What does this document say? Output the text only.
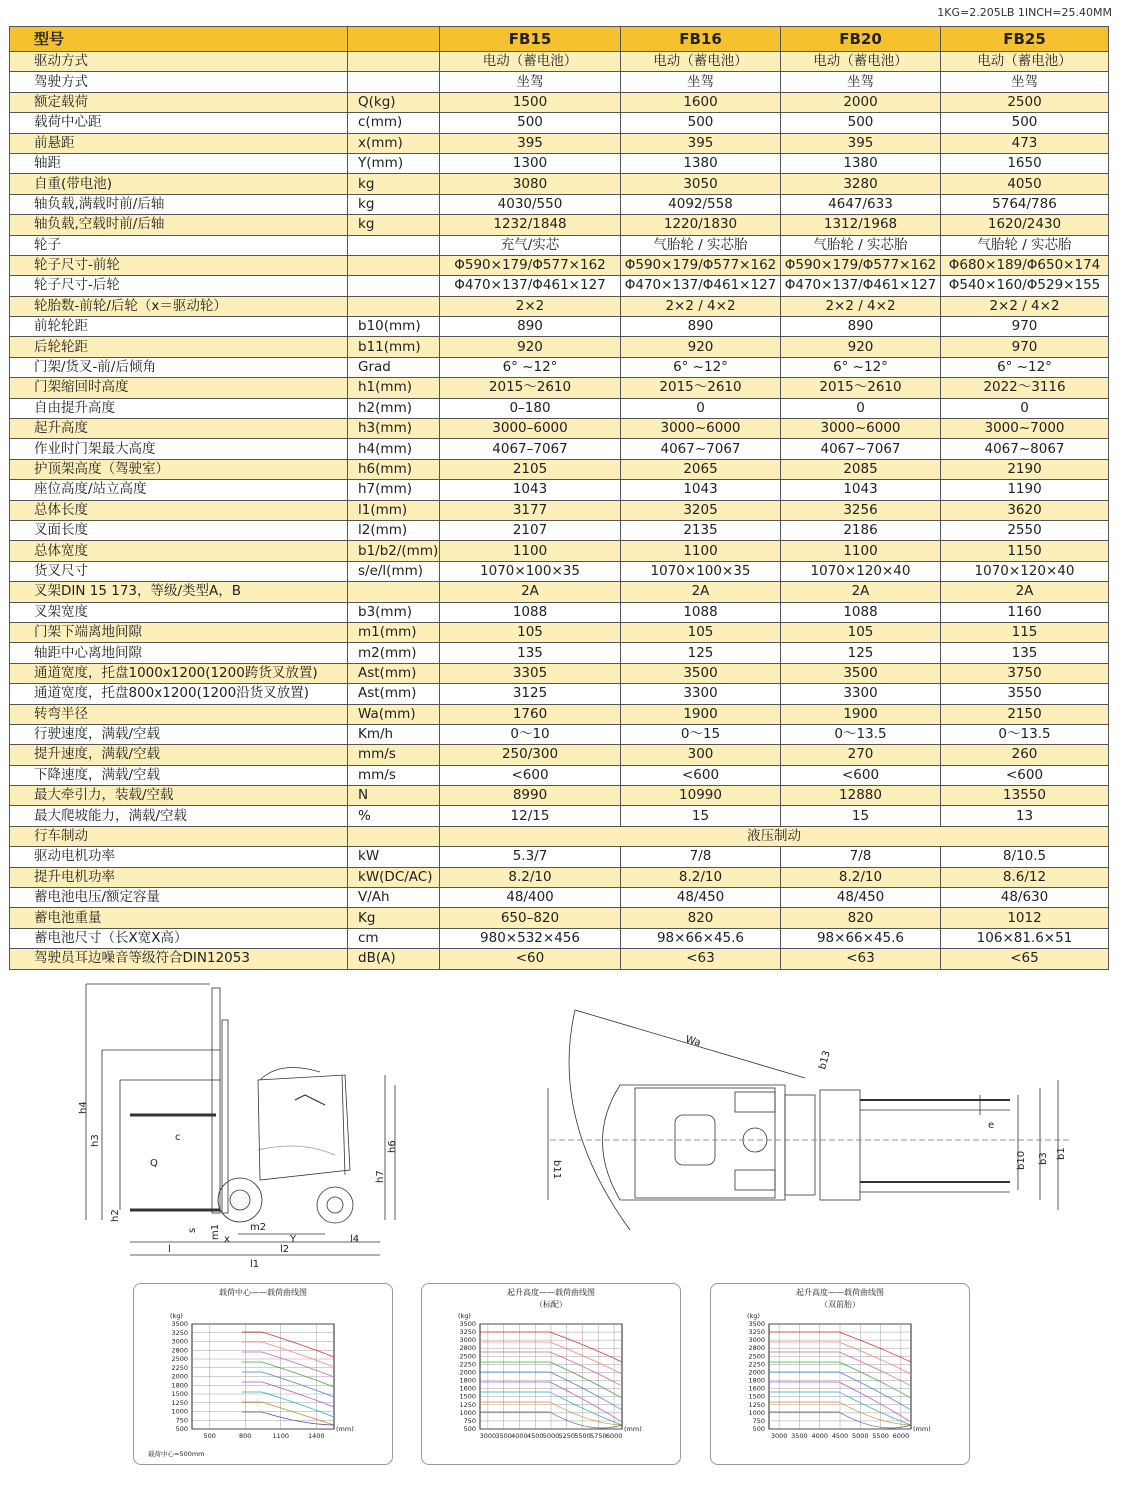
1KG=2.205LB 1INCH=25.40MM
型号		FB15	FB16	FB20	FB25
驱动方式		电动（蓄电池）	电动（蓄电池）	电动（蓄电池）	电动（蓄电池）
驾驶方式		坐驾	坐驾	坐驾	坐驾
额定载荷	Q(kg)	1500	1600	2000	2500
载荷中心距	c(mm)	500	500	500	500
前悬距	x(mm)	395	395	395	473
轴距	Y(mm)	1300	1380	1380	1650
自重(带电池)	kg	3080	3050	3280	4050
轴负载,满载时前/后轴	kg	4030/550	4092/558	4647/633	5764/786
轴负载,空载时前/后轴	kg	1232/1848	1220/1830	1312/1968	1620/2430
轮子		充气/实芯	气胎轮 / 实芯胎	气胎轮 / 实芯胎	气胎轮 / 实芯胎
轮子尺寸-前轮		Φ590×179/Φ577×162	Φ590×179/Φ577×162	Φ590×179/Φ577×162	Φ680×189/Φ650×174
轮子尺寸-后轮		Φ470×137/Φ461×127	Φ470×137/Φ461×127	Φ470×137/Φ461×127	Φ540×160/Φ529×155
轮胎数-前轮/后轮（x＝驱动轮）		2×2	2×2 / 4×2	2×2 / 4×2	2×2 / 4×2
前轮轮距	b10(mm)	890	890	890	970
后轮轮距	b11(mm)	920	920	920	970
门架/货叉-前/后倾角	Grad	6° ~12°	6° ~12°	6° ~12°	6° ~12°
门架缩回时高度	h1(mm)	2015～2610	2015～2610	2015～2610	2022～3116
自由提升高度	h2(mm)	0–180	0	0	0
起升高度	h3(mm)	3000–6000	3000~6000	3000~6000	3000~7000
作业时门架最大高度	h4(mm)	4067–7067	4067~7067	4067~7067	4067~8067
护顶架高度（驾驶室）	h6(mm)	2105	2065	2085	2190
座位高度/站立高度	h7(mm)	1043	1043	1043	1190
总体长度	l1(mm)	3177	3205	3256	3620
叉面长度	l2(mm)	2107	2135	2186	2550
总体宽度	b1/b2/(mm)	1100	1100	1100	1150
货叉尺寸	s/e/l(mm)	1070×100×35	1070×100×35	1070×120×40	1070×120×40
叉架DIN 15 173，等级/类型A，B		2A	2A	2A	2A
叉架宽度	b3(mm)	1088	1088	1088	1160
门架下端离地间隙	m1(mm)	105	105	105	115
轴距中心离地间隙	m2(mm)	135	125	125	135
通道宽度，托盘1000x1200(1200跨货叉放置)	Ast(mm)	3305	3500	3500	3750
通道宽度，托盘800x1200(1200沿货叉放置)	Ast(mm)	3125	3300	3300	3550
转弯半径	Wa(mm)	1760	1900	1900	2150
行驶速度，满载/空载	Km/h	0～10	0～15	0～13.5	0～13.5
提升速度，满载/空载	mm/s	250/300	300	270	260
下降速度，满载/空载	mm/s	<600	<600	<600	<600
最大牵引力，装载/空载	N	8990	10990	12880	13550
最大爬坡能力，满载/空载	%	12/15	15	15	13
行车制动		液压制动			
驱动电机功率	kW	5.3/7	7/8	7/8	8/10.5
提升电机功率	kW(DC/AC)	8.2/10	8.2/10	8.2/10	8.6/12
蓄电池电压/额定容量	V/Ah	48/400	48/450	48/450	48/630
蓄电池重量	Kg	650–820	820	820	1012
蓄电池尺寸（长X宽X高）	cm	980×532×456	98×66×45.6	98×66×45.6	106×81.6×51
驾驶员耳边噪音等级符合DIN12053	dB(A)	<60	<63	<63	<65
h4
h3	c
Q
h6
h7
h2
s m1 x	Y
m2
l4
l	l2
l1
Wa
b13
e
b11	b10 b3 b1
载荷中心——载荷曲线图
3500
3250
3000
2800
2500
2250
2000
1800
1500
1250
1000
750
500
500	800	1100	1400
(kg)
(mm)
载荷中心=500mm
起升高度——载荷曲线图
（标配）
3500
3250
3000
2800
2500
2250
2000
1800
1600
1500
1250
1000
750
500
3000 3500 4000 4500 5000 5250 5500 5750 6000
(kg)
(mm)
起升高度——载荷曲线图
（双前胎）
3500
3250
3000
2800
2500
2250
2000
1800
1600
1500
1250
1000
750
500
3000 3500 4000 4500 5000 5500 6000
(kg)
(mm)
